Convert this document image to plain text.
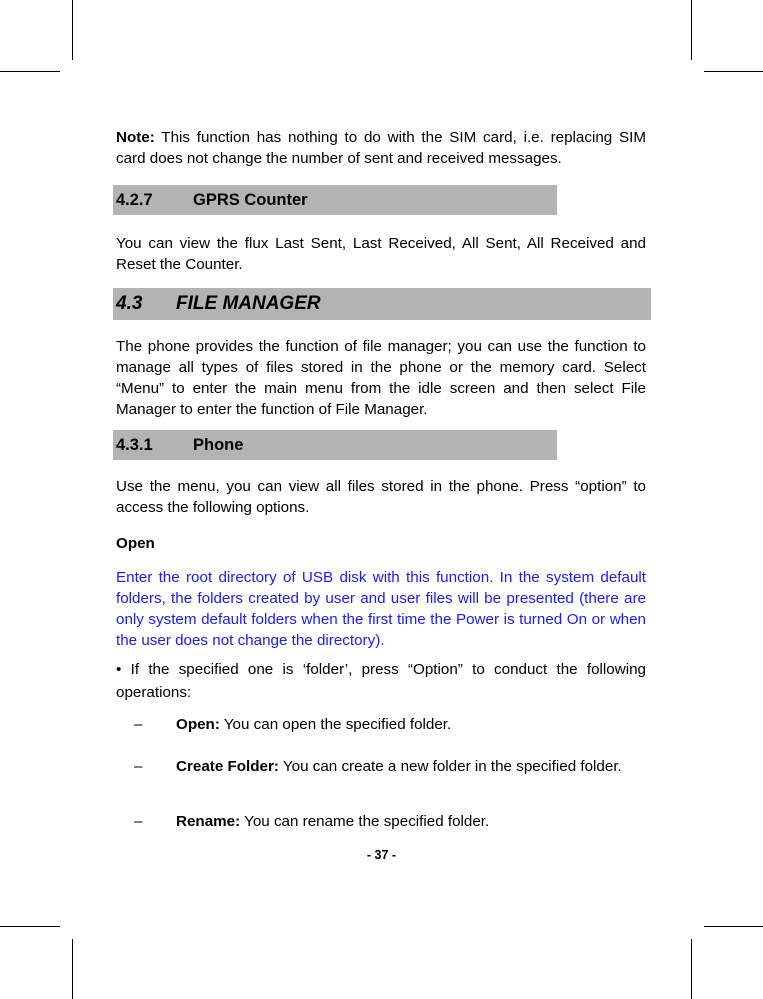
Note: This function has nothing to do with the SIM card, i.e. replacing SIM card does not change the number of sent and received messages.

4.2.7	GPRS Counter

You can view the flux Last Sent, Last Received, All Sent, All Received and Reset the Counter.

4.3	FILE MANAGER

The phone provides the function of file manager; you can use the function to manage all types of files stored in the phone or the memory card. Select “Menu” to enter the main menu from the idle screen and then select File Manager to enter the function of File Manager.

4.3.1	Phone

Use the menu, you can view all files stored in the phone. Press “option” to access the following options.

Open

Enter the root directory of USB disk with this function. In the system default folders, the folders created by user and user files will be presented (there are only system default folders when the first time the Power is turned On or when the user does not change the directory).

• If the specified one is ‘folder’, press “Option” to conduct the following operations:
– Open: You can open the specified folder.
– Create Folder: You can create a new folder in the specified folder.
– Rename: You can rename the specified folder.
- 37 -
